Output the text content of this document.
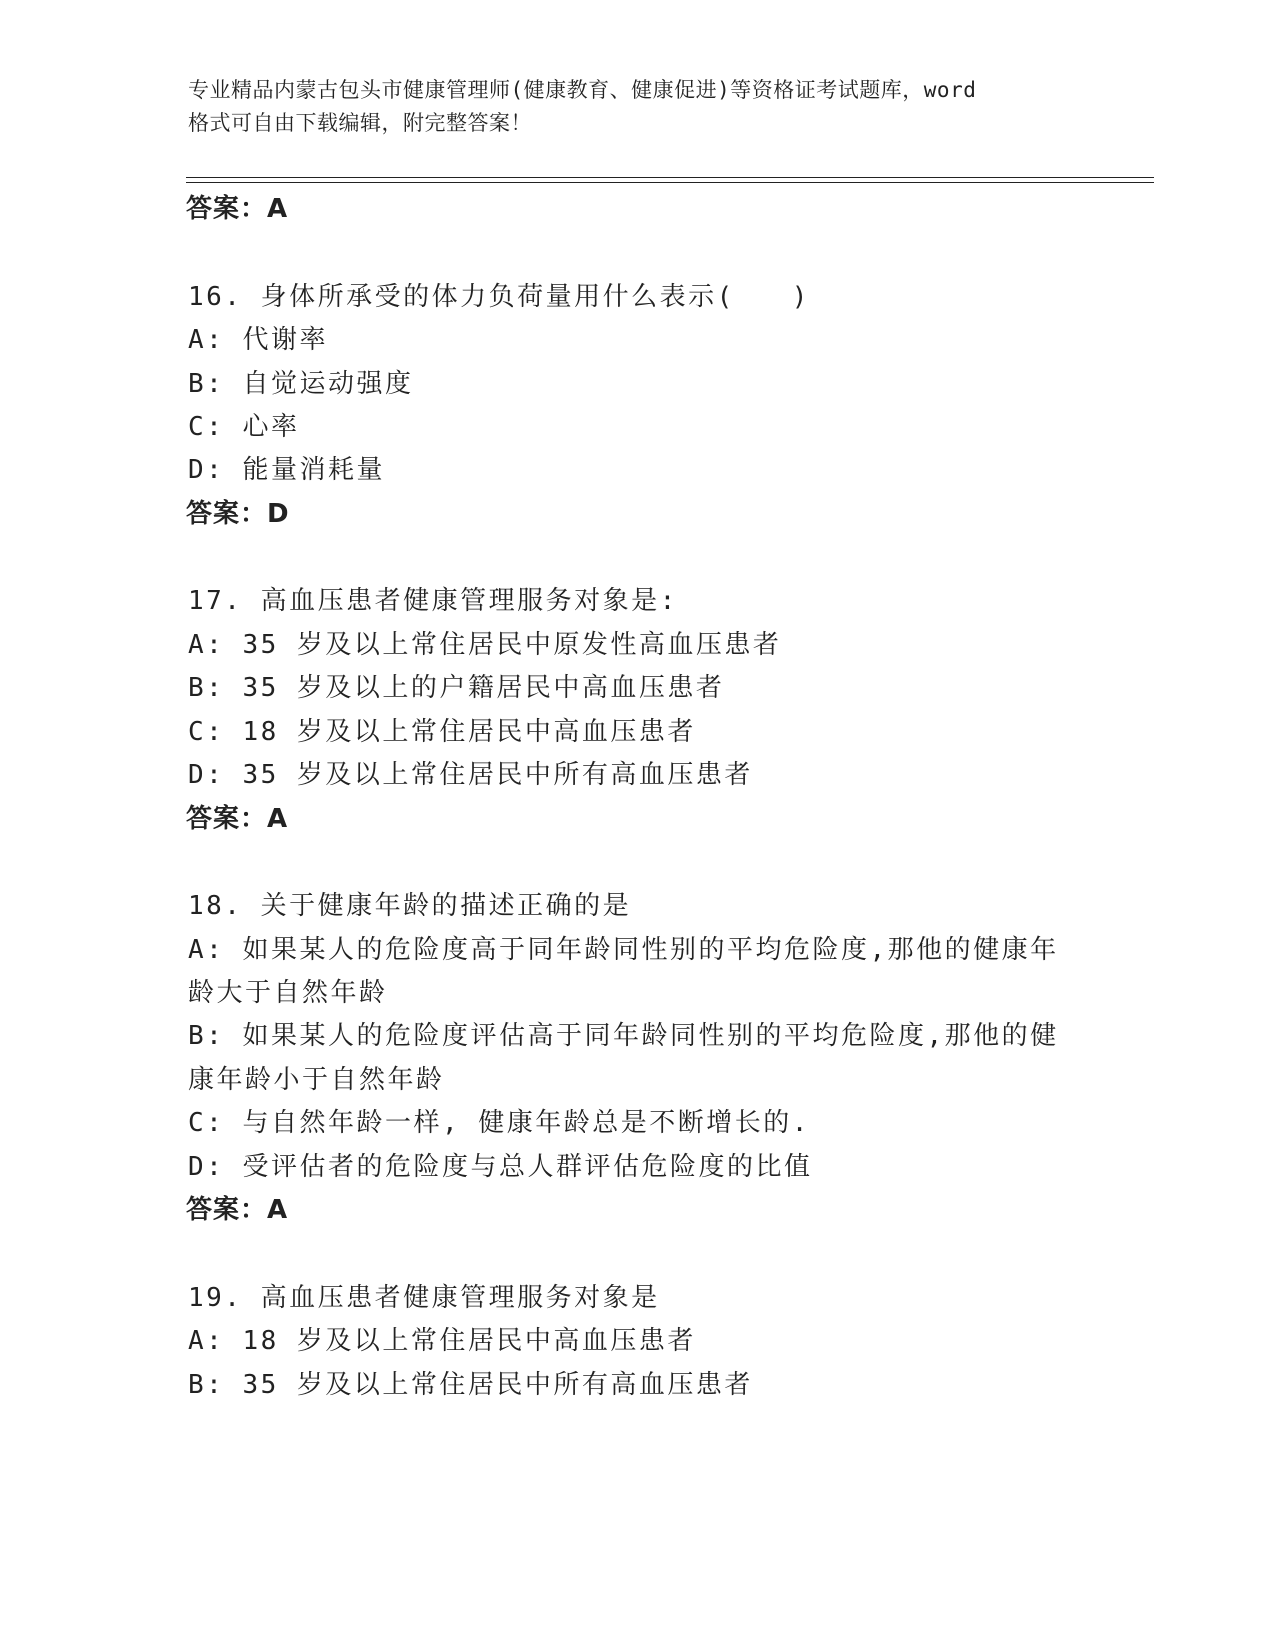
专业精品内蒙古包头市健康管理师(健康教育、健康促进)等资格证考试题库，word
格式可自由下载编辑，附完整答案！
答案：A
16. 身体所承受的体力负荷量用什么表示(　　)
A: 代谢率
B: 自觉运动强度
C: 心率
D: 能量消耗量
答案：D
17. 高血压患者健康管理服务对象是:
A: 35 岁及以上常住居民中原发性高血压患者
B: 35 岁及以上的户籍居民中高血压患者
C: 18 岁及以上常住居民中高血压患者
D: 35 岁及以上常住居民中所有高血压患者
答案：A
18. 关于健康年龄的描述正确的是
A: 如果某人的危险度高于同年龄同性别的平均危险度,那他的健康年
龄大于自然年龄
B: 如果某人的危险度评估高于同年龄同性别的平均危险度,那他的健
康年龄小于自然年龄
C: 与自然年龄一样, 健康年龄总是不断增长的.
D: 受评估者的危险度与总人群评估危险度的比值
答案：A
19. 高血压患者健康管理服务对象是
A: 18 岁及以上常住居民中高血压患者
B: 35 岁及以上常住居民中所有高血压患者
